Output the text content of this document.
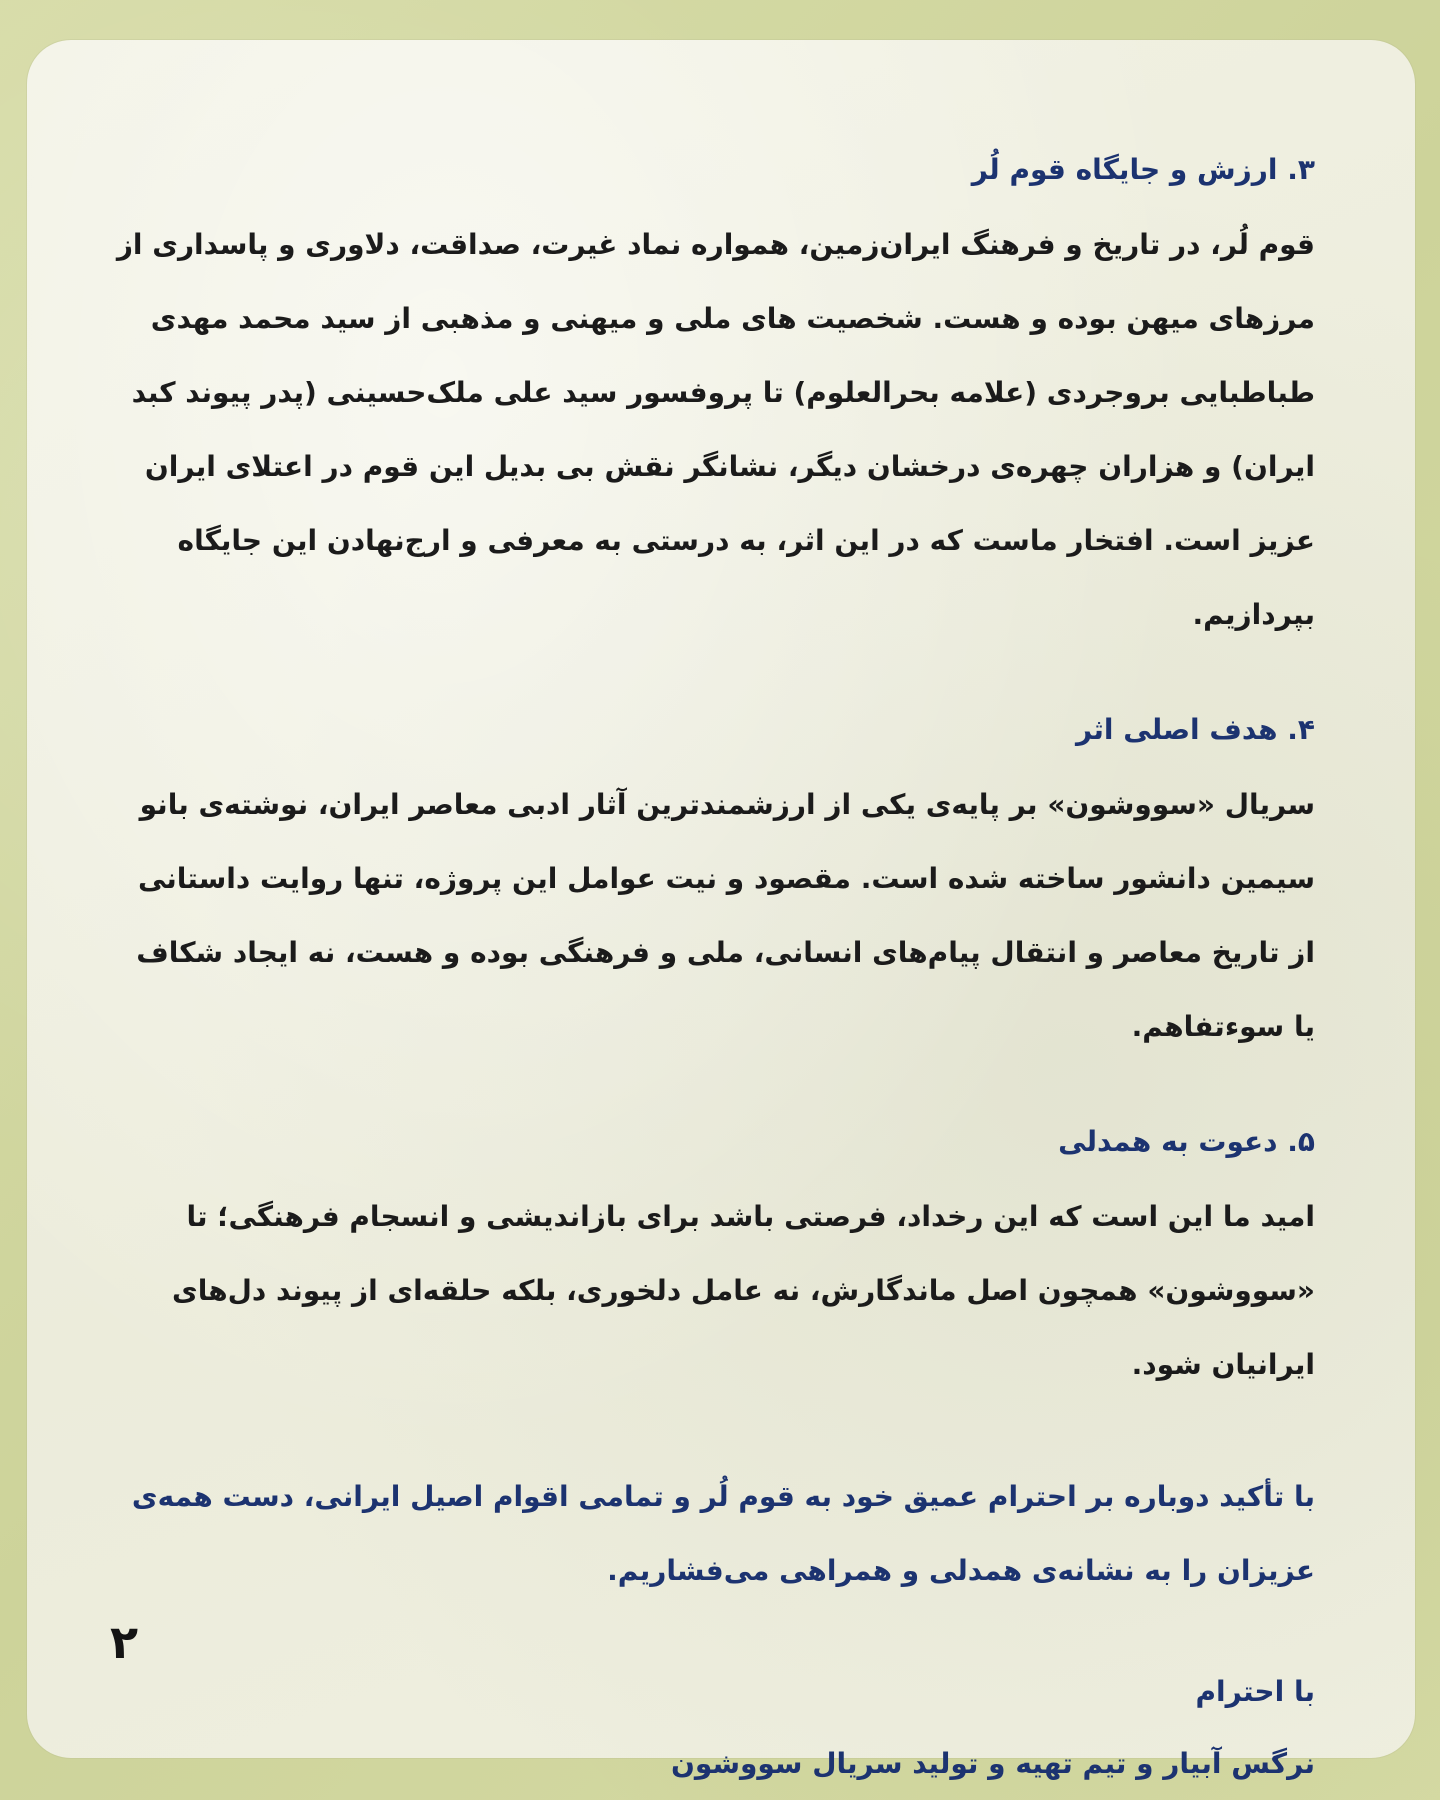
۳. ارزش و جایگاه قوم لُر

قوم لُر، در تاریخ و فرهنگ ایران‌زمین، همواره نماد غیرت، صداقت، دلاوری و پاسداری از مرزهای میهن بوده و هست. شخصیت های ملی و میهنی و مذهبی از سید محمد مهدی طباطبایی بروجردی (علامه بحرالعلوم) تا پروفسور سید علی ملک‌حسینی (پدر پیوند کبد ایران) و هزاران چهره‌ی درخشان دیگر، نشانگر نقش بی بدیل این قوم در اعتلای ایران عزیز است. افتخار ماست که در این اثر، به درستی به معرفی و ارج‌نهادن این جایگاه بپردازیم.

۴. هدف اصلی اثر

سریال «سووشون» بر پایه‌ی یکی از ارزشمندترین آثار ادبی معاصر ایران، نوشته‌ی بانو سیمین دانشور ساخته شده است. مقصود و نیت عوامل این پروژه، تنها روایت داستانی از تاریخ معاصر و انتقال پیام‌های انسانی، ملی و فرهنگی بوده و هست، نه ایجاد شکاف یا سوء‌تفاهم.

۵. دعوت به همدلی

امید ما این است که این رخداد، فرصتی باشد برای بازاندیشی و انسجام فرهنگی؛ تا «سووشون» همچون اصل ماندگارش، نه عامل دلخوری، بلکه حلقه‌ای از پیوند دل‌های ایرانیان شود.

با تأکید دوباره بر احترام عمیق خود به قوم لُر و تمامی اقوام اصیل ایرانی، دست همه‌ی عزیزان را به نشانه‌ی همدلی و همراهی می‌فشاریم.

با احترام
نرگس آبیار و تیم تهیه و تولید سریال سووشون
۲
